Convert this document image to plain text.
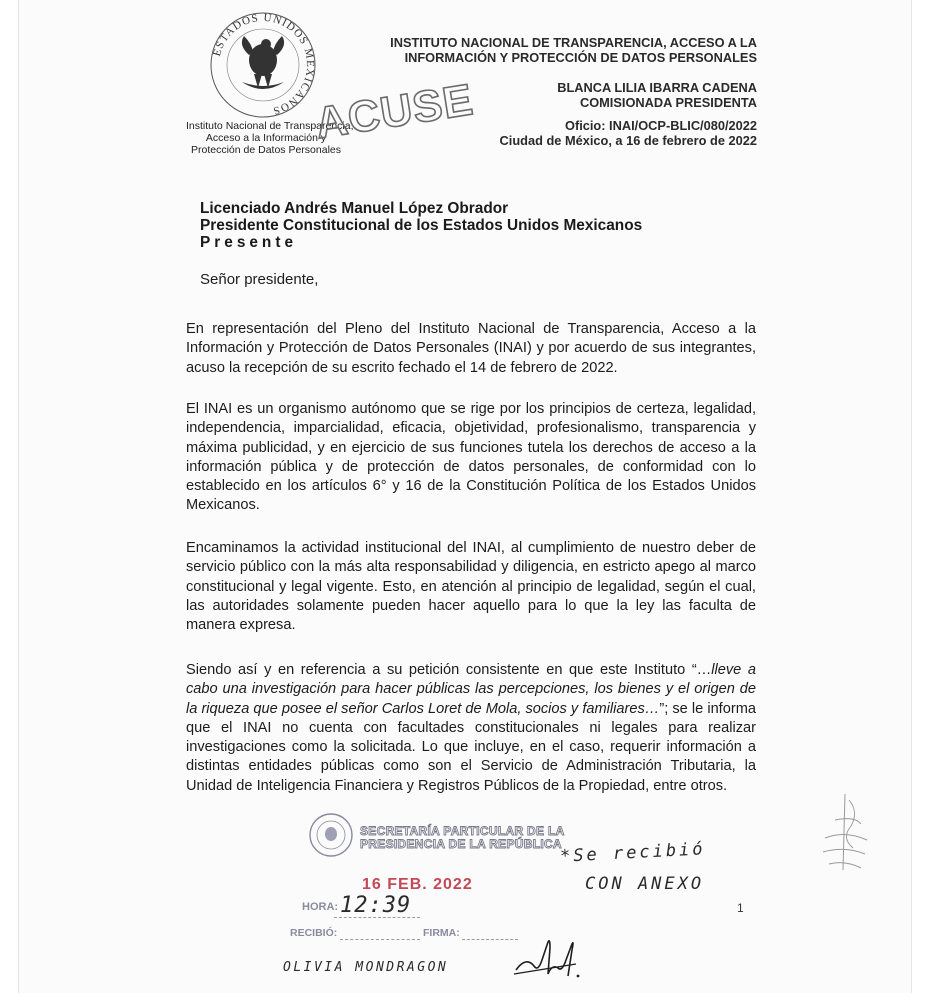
ESTADOS UNIDOS MEXICANOS
Instituto Nacional de Transparencia,
Acceso a la Información y
Protección de Datos Personales
ACUSE
INSTITUTO NACIONAL DE TRANSPARENCIA, ACCESO A LA
INFORMACIÓN Y PROTECCIÓN DE DATOS PERSONALES
BLANCA LILIA IBARRA CADENA
COMISIONADA PRESIDENTA
Oficio: INAI/OCP-BLIC/080/2022
Ciudad de México, a 16 de febrero de 2022
Licenciado Andrés Manuel López Obrador
Presidente Constitucional de los Estados Unidos Mexicanos
Presente
Señor presidente,
En representación del Pleno del Instituto Nacional de Transparencia, Acceso a la Información y Protección de Datos Personales (INAI) y por acuerdo de sus integrantes, acuso la recepción de su escrito fechado el 14 de febrero de 2022.
El INAI es un organismo autónomo que se rige por los principios de certeza, legalidad, independencia, imparcialidad, eficacia, objetividad, profesionalismo, transparencia y máxima publicidad, y en ejercicio de sus funciones tutela los derechos de acceso a la información pública y de protección de datos personales, de conformidad con lo establecido en los artículos 6° y 16 de la Constitución Política de los Estados Unidos Mexicanos.
Encaminamos la actividad institucional del INAI, al cumplimiento de nuestro deber de servicio público con la más alta responsabilidad y diligencia, en estricto apego al marco constitucional y legal vigente. Esto, en atención al principio de legalidad, según el cual, las autoridades solamente pueden hacer aquello para lo que la ley las faculta de manera expresa.
Siendo así y en referencia a su petición consistente en que este Instituto “…lleve a cabo una investigación para hacer públicas las percepciones, los bienes y el origen de la riqueza que posee el señor Carlos Loret de Mola, socios y familiares…”; se le informa que el INAI no cuenta con facultades constitucionales ni legales para realizar investigaciones como la solicitada. Lo que incluye, en el caso, requerir información a distintas entidades públicas como son el Servicio de Administración Tributaria, la Unidad de Inteligencia Financiera y Registros Públicos de la Propiedad, entre otros.
SECRETARÍA PARTICULAR DE LA
PRESIDENCIA DE LA REPÚBLICA
16 FEB. 2022
HORA: 12:39
RECIBIÓ:	FIRMA:
OLIVIA MONDRAGON
*Se recibió
CON ANEXO
1
